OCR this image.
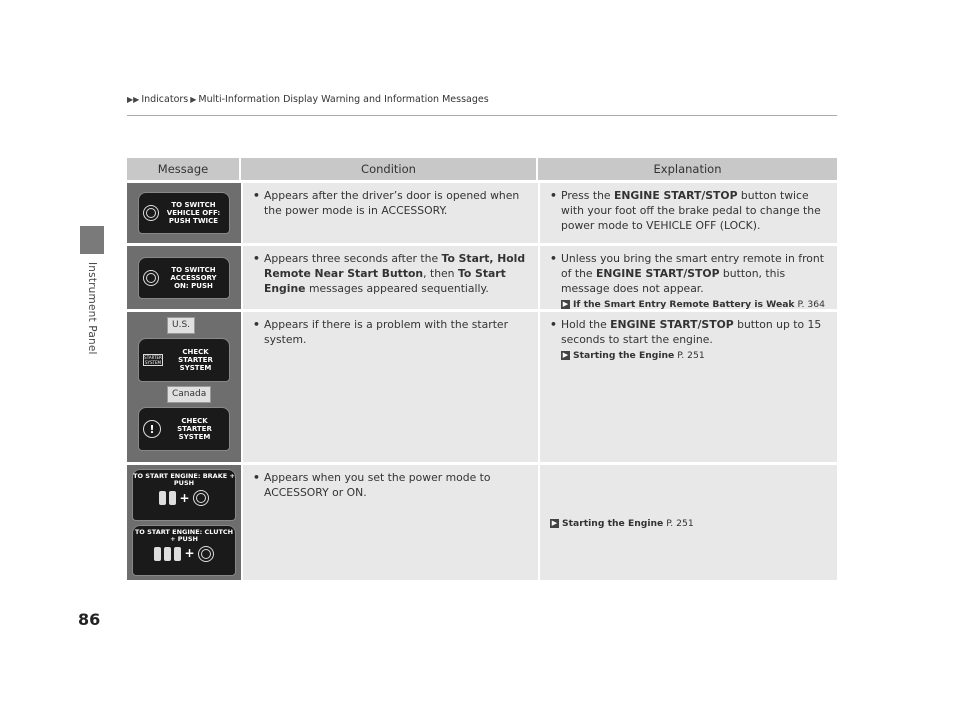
Instrument Panel
▶▶ Indicators ▶ Multi-Information Display Warning and Information Messages
Message	Condition	Explanation
TO SWITCH VEHICLE OFF: PUSH TWICE
• Appears after the driver’s door is opened when the power mode is in ACCESSORY.
• Press the ENGINE START/STOP button twice with your foot off the brake pedal to change the power mode to VEHICLE OFF (LOCK).
TO SWITCH ACCESSORY ON: PUSH
• Appears three seconds after the To Start, Hold Remote Near Start Button, then To Start Engine messages appeared sequentially.
• Unless you bring the smart entry remote in front of the ENGINE START/STOP button, this message does not appear.
▶ If the Smart Entry Remote Battery is Weak P. 364
U.S.
STARTER SYSTEM
CHECK STARTER SYSTEM
Canada
!
CHECK STARTER SYSTEM
• Appears if there is a problem with the starter system.
• Hold the ENGINE START/STOP button up to 15 seconds to start the engine.
▶ Starting the Engine P. 251
TO START ENGINE: BRAKE + PUSH
+
TO START ENGINE: CLUTCH + PUSH
+
• Appears when you set the power mode to ACCESSORY or ON.
▶ Starting the Engine P. 251
86
